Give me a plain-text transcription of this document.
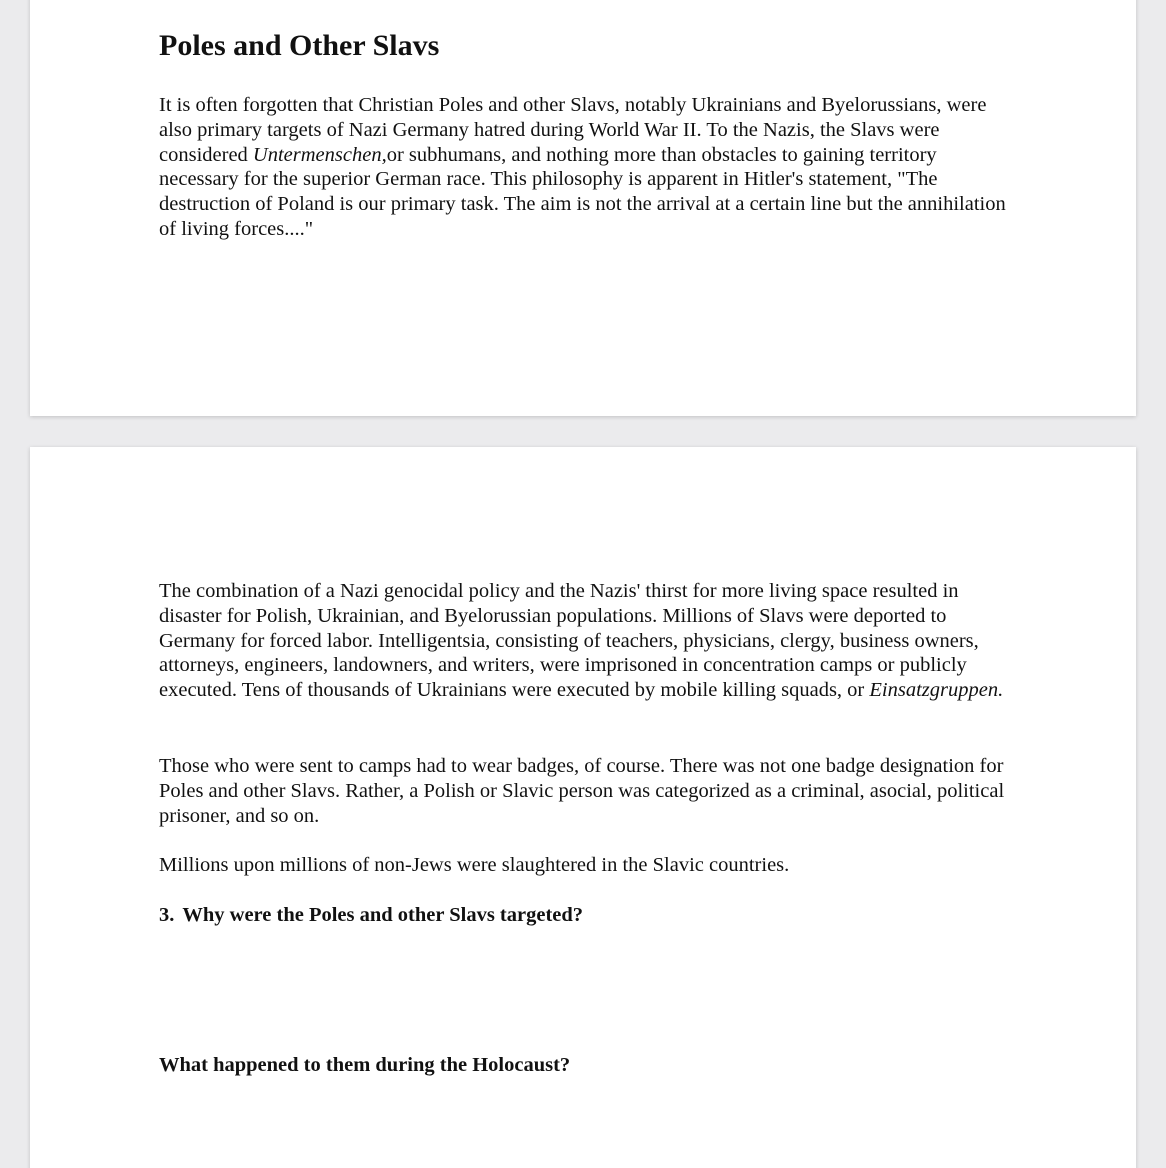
Poles and Other Slavs

It is often forgotten that Christian Poles and other Slavs, notably Ukrainians and Byelorussians, were also primary targets of Nazi Germany hatred during World War II. To the Nazis, the Slavs were considered Untermenschen,or subhumans, and nothing more than obstacles to gaining territory necessary for the superior German race. This philosophy is apparent in Hitler's statement, "The destruction of Poland is our primary task. The aim is not the arrival at a certain line but the annihilation of living forces...."

The combination of a Nazi genocidal policy and the Nazis' thirst for more living space resulted in disaster for Polish, Ukrainian, and Byelorussian populations. Millions of Slavs were deported to Germany for forced labor. Intelligentsia, consisting of teachers, physicians, clergy, business owners, attorneys, engineers, landowners, and writers, were imprisoned in concentration camps or publicly executed. Tens of thousands of Ukrainians were executed by mobile killing squads, or Einsatzgruppen.

Those who were sent to camps had to wear badges, of course. There was not one badge designation for Poles and other Slavs. Rather, a Polish or Slavic person was categorized as a criminal, asocial, political prisoner, and so on.

Millions upon millions of non-Jews were slaughtered in the Slavic countries.

3. Why were the Poles and other Slavs targeted?

What happened to them during the Holocaust?
